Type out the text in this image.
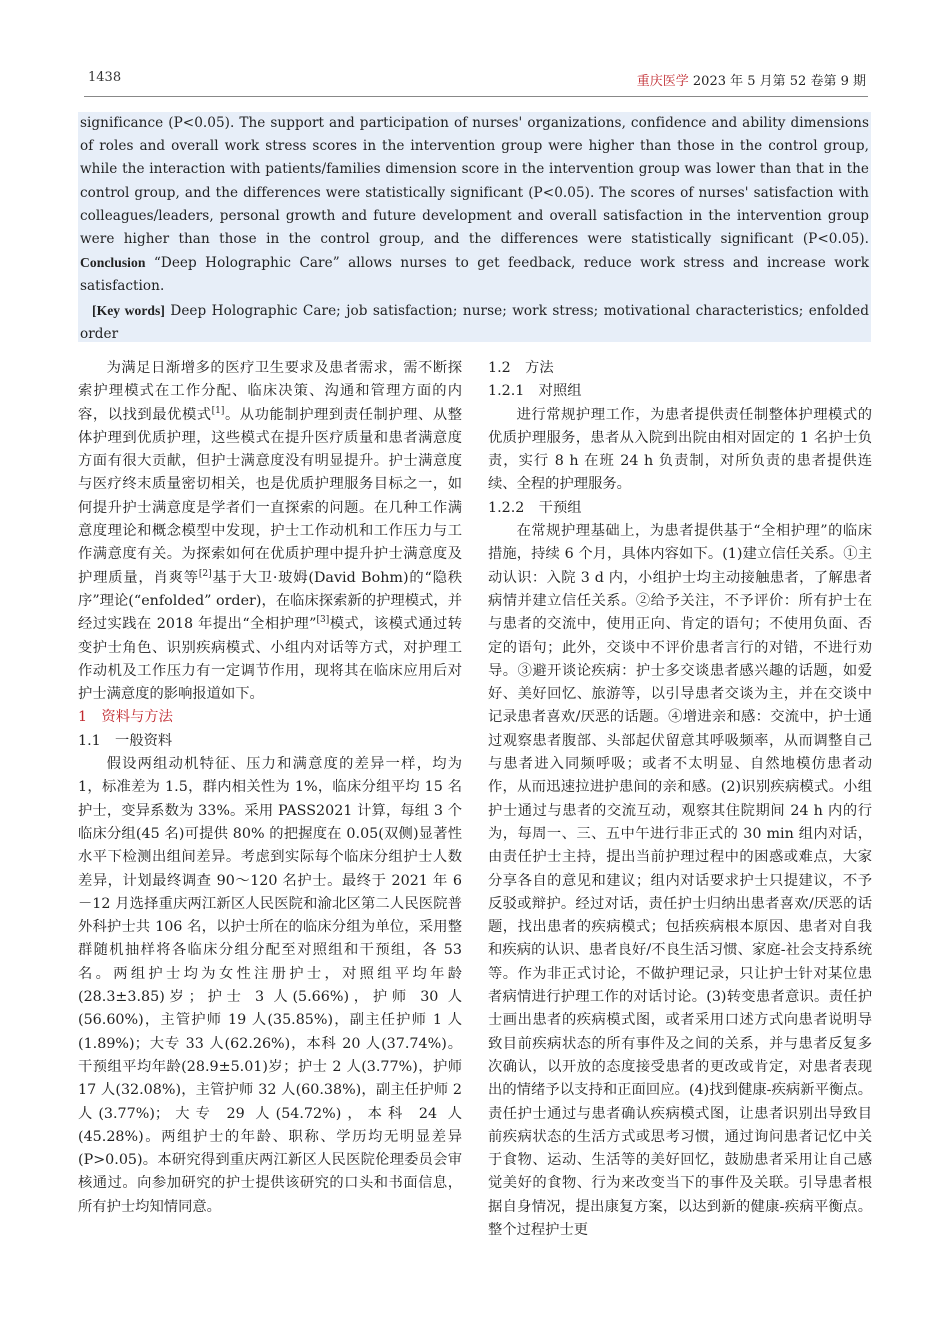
1438	重庆医学 2023 年 5 月第 52 卷第 9 期

significance (P<0.05). The support and participation of nurses' organizations, confidence and ability dimensions of roles and overall work stress scores in the intervention group were higher than those in the control group, while the interaction with patients/families dimension score in the intervention group was lower than that in the control group, and the differences were statistically significant (P<0.05). The scores of nurses' satisfaction with colleagues/leaders, personal growth and future development and overall satisfaction in the intervention group were higher than those in the control group, and the differences were statistically significant (P<0.05). Conclusion “Deep Holographic Care” allows nurses to get feedback, reduce work stress and increase work satisfaction.

[Key words] Deep Holographic Care; job satisfaction; nurse; work stress; motivational characteristics; enfolded order

为满足日渐增多的医疗卫生要求及患者需求，需不断探索护理模式在工作分配、临床决策、沟通和管理方面的内容，以找到最优模式[1]。从功能制护理到责任制护理、从整体护理到优质护理，这些模式在提升医疗质量和患者满意度方面有很大贡献，但护士满意度没有明显提升。护士满意度与医疗终末质量密切相关，也是优质护理服务目标之一，如何提升护士满意度是学者们一直探索的问题。在几种工作满意度理论和概念模型中发现，护士工作动机和工作压力与工作满意度有关。为探索如何在优质护理中提升护士满意度及护理质量，肖爽等[2]基于大卫·玻姆(David Bohm)的“隐秩序”理论(“enfolded” order)，在临床探索新的护理模式，并经过实践在 2018 年提出“全相护理”[3]模式，该模式通过转变护士角色、识别疾病模式、小组内对话等方式，对护理工作动机及工作压力有一定调节作用，现将其在临床应用后对护士满意度的影响报道如下。

1　资料与方法

1.1　一般资料

假设两组动机特征、压力和满意度的差异一样，均为 1，标准差为 1.5，群内相关性为 1%，临床分组平均 15 名护士，变异系数为 33%。采用 PASS2021 计算，每组 3 个临床分组(45 名)可提供 80% 的把握度在 0.05(双侧)显著性水平下检测出组间差异。考虑到实际每个临床分组护士人数差异，计划最终调查 90～120 名护士。最终于 2021 年 6－12 月选择重庆两江新区人民医院和渝北区第二人民医院普外科护士共 106 名，以护士所在的临床分组为单位，采用整群随机抽样将各临床分组分配至对照组和干预组，各 53 名。两组护士均为女性注册护士，对照组平均年龄(28.3±3.85)岁；护士 3 人(5.66%)，护师 30 人(56.60%)，主管护师 19 人(35.85%)，副主任护师 1 人(1.89%)；大专 33 人(62.26%)，本科 20 人(37.74%)。干预组平均年龄(28.9±5.01)岁；护士 2 人(3.77%)，护师 17 人(32.08%)，主管护师 32 人(60.38%)，副主任护师 2 人(3.77%)；大专 29 人(54.72%)，本科 24 人(45.28%)。两组护士的年龄、职称、学历均无明显差异(P>0.05)。本研究得到重庆两江新区人民医院伦理委员会审核通过。向参加研究的护士提供该研究的口头和书面信息，所有护士均知情同意。

1.2　方法

1.2.1　对照组

进行常规护理工作，为患者提供责任制整体护理模式的优质护理服务，患者从入院到出院由相对固定的 1 名护士负责，实行 8 h 在班 24 h 负责制，对所负责的患者提供连续、全程的护理服务。

1.2.2　干预组

在常规护理基础上，为患者提供基于“全相护理”的临床措施，持续 6 个月，具体内容如下。(1)建立信任关系。①主动认识：入院 3 d 内，小组护士均主动接触患者，了解患者病情并建立信任关系。②给予关注，不予评价：所有护士在与患者的交流中，使用正向、肯定的语句；不使用负面、否定的语句；此外，交谈中不评价患者言行的对错，不进行劝导。③避开谈论疾病：护士多交谈患者感兴趣的话题，如爱好、美好回忆、旅游等，以引导患者交谈为主，并在交谈中记录患者喜欢/厌恶的话题。④增进亲和感：交流中，护士通过观察患者腹部、头部起伏留意其呼吸频率，从而调整自己与患者进入同频呼吸；或者不太明显、自然地模仿患者动作，从而迅速拉进护患间的亲和感。(2)识别疾病模式。小组护士通过与患者的交流互动，观察其住院期间 24 h 内的行为，每周一、三、五中午进行非正式的 30 min 组内对话，由责任护士主持，提出当前护理过程中的困惑或难点，大家分享各自的意见和建议；组内对话要求护士只提建议，不予反驳或辩护。经过对话，责任护士归纳出患者喜欢/厌恶的话题，找出患者的疾病模式；包括疾病根本原因、患者对自我和疾病的认识、患者良好/不良生活习惯、家庭-社会支持系统等。作为非正式讨论，不做护理记录，只让护士针对某位患者病情进行护理工作的对话讨论。(3)转变患者意识。责任护士画出患者的疾病模式图，或者采用口述方式向患者说明导致目前疾病状态的所有事件及之间的关系，并与患者反复多次确认，以开放的态度接受患者的更改或肯定，对患者表现出的情绪予以支持和正面回应。(4)找到健康-疾病新平衡点。责任护士通过与患者确认疾病模式图，让患者识别出导致目前疾病状态的生活方式或思考习惯，通过询问患者记忆中关于食物、运动、生活等的美好回忆，鼓励患者采用让自己感觉美好的食物、行为来改变当下的事件及关联。引导患者根据自身情况，提出康复方案，以达到新的健康-疾病平衡点。整个过程护士更
